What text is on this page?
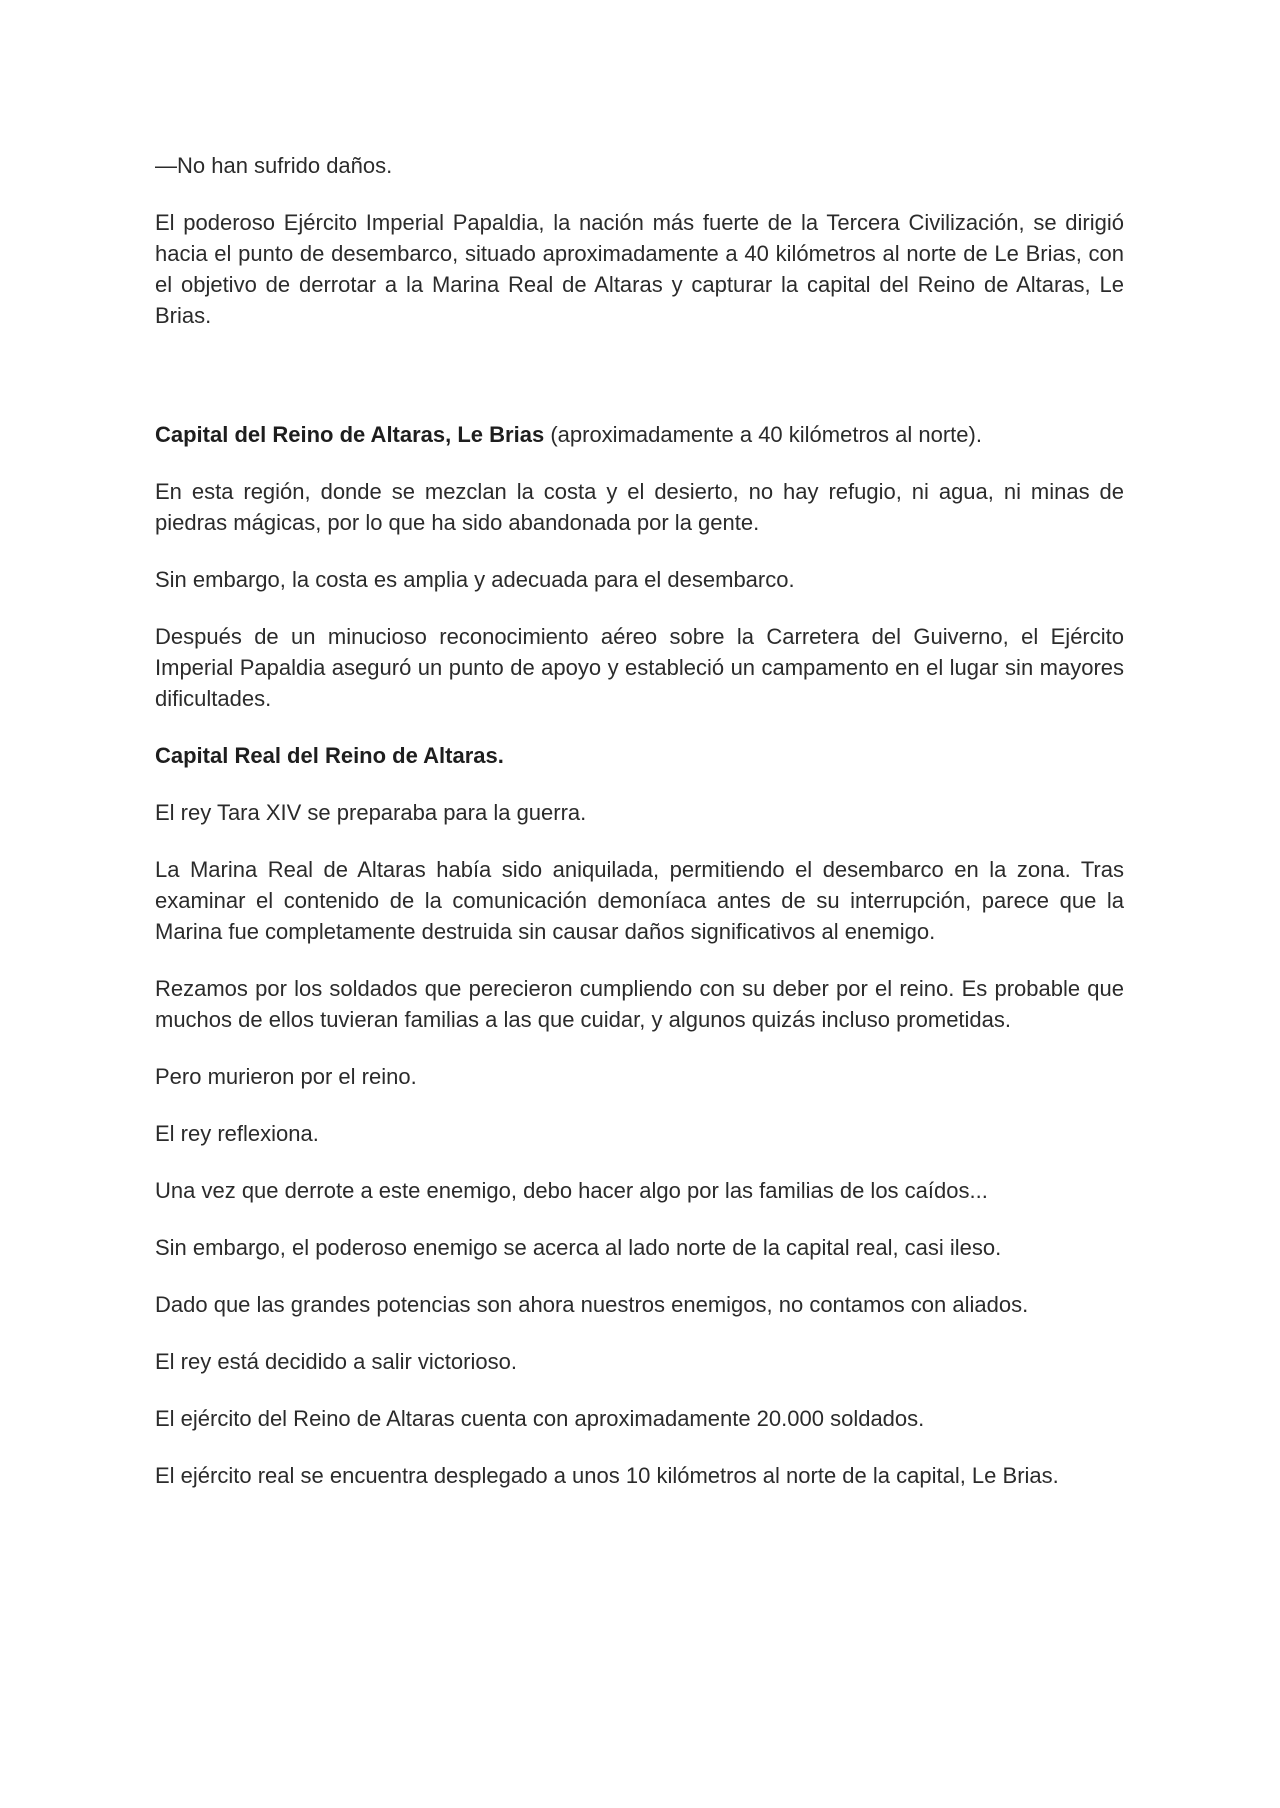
—No han sufrido daños.

El poderoso Ejército Imperial Papaldia, la nación más fuerte de la Tercera Civilización, se dirigió hacia el punto de desembarco, situado aproximadamente a 40 kilómetros al norte de Le Brias, con el objetivo de derrotar a la Marina Real de Altaras y capturar la capital del Reino de Altaras, Le Brias.

Capital del Reino de Altaras, Le Brias (aproximadamente a 40 kilómetros al norte).

En esta región, donde se mezclan la costa y el desierto, no hay refugio, ni agua, ni minas de piedras mágicas, por lo que ha sido abandonada por la gente.

Sin embargo, la costa es amplia y adecuada para el desembarco.

Después de un minucioso reconocimiento aéreo sobre la Carretera del Guiverno, el Ejército Imperial Papaldia aseguró un punto de apoyo y estableció un campamento en el lugar sin mayores dificultades.

Capital Real del Reino de Altaras.

El rey Tara XIV se preparaba para la guerra.

La Marina Real de Altaras había sido aniquilada, permitiendo el desembarco en la zona. Tras examinar el contenido de la comunicación demoníaca antes de su interrupción, parece que la Marina fue completamente destruida sin causar daños significativos al enemigo.

Rezamos por los soldados que perecieron cumpliendo con su deber por el reino. Es probable que muchos de ellos tuvieran familias a las que cuidar, y algunos quizás incluso prometidas.

Pero murieron por el reino.

El rey reflexiona.

Una vez que derrote a este enemigo, debo hacer algo por las familias de los caídos...

Sin embargo, el poderoso enemigo se acerca al lado norte de la capital real, casi ileso.

Dado que las grandes potencias son ahora nuestros enemigos, no contamos con aliados.

El rey está decidido a salir victorioso.

El ejército del Reino de Altaras cuenta con aproximadamente 20.000 soldados.

El ejército real se encuentra desplegado a unos 10 kilómetros al norte de la capital, Le Brias.
